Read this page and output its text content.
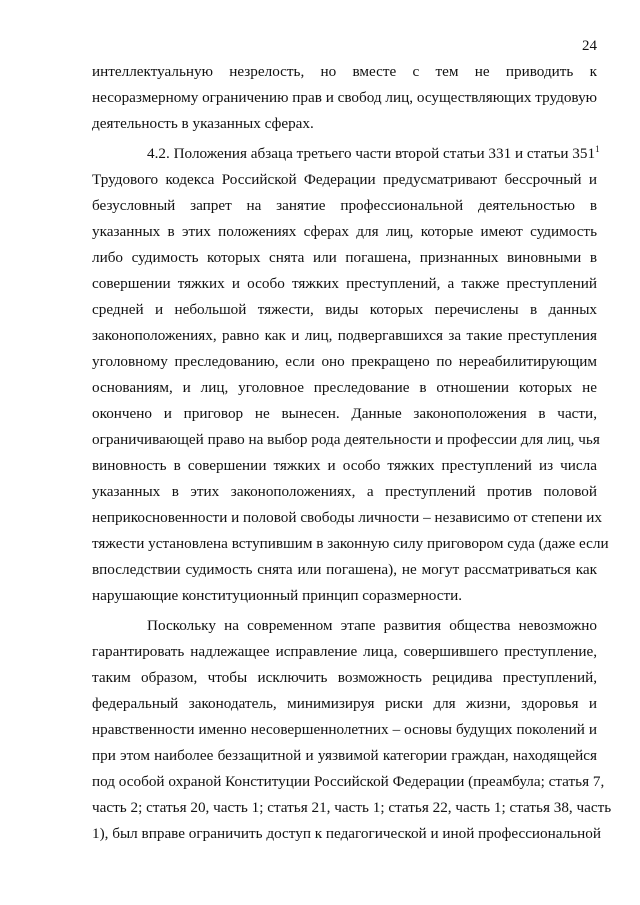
24
интеллектуальную незрелость, но вместе с тем не приводить к
несоразмерному ограничению прав и свобод лиц, осуществляющих трудовую
деятельность в указанных сферах.
4.2. Положения абзаца третьего части второй статьи 331 и статьи $351^1$
Трудового кодекса Российской Федерации предусматривают бессрочный и
безусловный запрет на занятие профессиональной деятельностью в
указанных в этих положениях сферах для лиц, которые имеют судимость
либо судимость которых снята или погашена, признанных виновными в
совершении тяжких и особо тяжких преступлений, а также преступлений
средней и небольшой тяжести, виды которых перечислены в данных
законоположениях, равно как и лиц, подвергавшихся за такие преступления
уголовному преследованию, если оно прекращено по нереабилитирующим
основаниям, и лиц, уголовное преследование в отношении которых не
окончено и приговор не вынесен. Данные законоположения в части,
ограничивающей право на выбор рода деятельности и профессии для лиц, чья
виновность в совершении тяжких и особо тяжких преступлений из числа
указанных в этих законоположениях, а преступлений против половой
неприкосновенности и половой свободы личности – независимо от степени их
тяжести установлена вступившим в законную силу приговором суда (даже если
впоследствии судимость снята или погашена), не могут рассматриваться как
нарушающие конституционный принцип соразмерности.
Поскольку на современном этапе развития общества невозможно
гарантировать надлежащее исправление лица, совершившего преступление,
таким образом, чтобы исключить возможность рецидива преступлений,
федеральный законодатель, минимизируя риски для жизни, здоровья и
нравственности именно несовершеннолетних – основы будущих поколений и
при этом наиболее беззащитной и уязвимой категории граждан, находящейся
под особой охраной Конституции Российской Федерации (преамбула; статья 7,
часть 2; статья 20, часть 1; статья 21, часть 1; статья 22, часть 1; статья 38, часть
1), был вправе ограничить доступ к педагогической и иной профессиональной
